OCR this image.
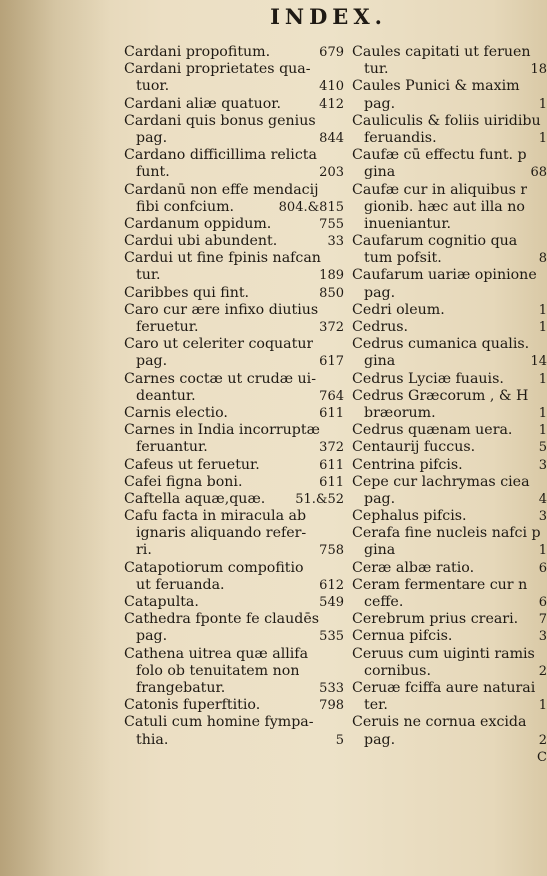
INDEX.
Cardani propofitum.	679
Cardani proprietates qua-
tuor.	410
Cardani aliæ quatuor.	412
Cardani quis bonus genius
pag.	844
Cardano difficillima relicta
funt.	203
Cardanū non effe mendacij
fibi confcium.	804.&815
Cardanum oppidum.	755
Cardui ubi abundent.	33
Cardui ut fine fpinis nafcan
tur.	189
Caribbes qui fint.	850
Caro cur ære infixo diutius
feruetur.	372
Caro ut celeriter coquatur
pag.	617
Carnes coctæ ut crudæ ui-
deantur.	764
Carnis electio.	611
Carnes in India incorruptæ
feruantur.	372
Cafeus ut feruetur.	611
Cafei figna boni.	611
Caftella aquæ,quæ.	51.&52
Cafu facta in miracula ab
ignaris aliquando refer-
ri.	758
Catapotiorum compofitio
ut feruanda.	612
Catapulta.	549
Cathedra fponte fe claudēs
pag.	535
Cathena uitrea quæ allifa
folo ob tenuitatem non
frangebatur.	533
Catonis fuperftitio.	798
Catuli cum homine fympa-
thia.	5
Caules capitati ut feruen
tur.	18
Caules Punici & maxim
pag.	1
Cauliculis & foliis uiridibu
feruandis.	1
Caufæ cū effectu funt. p
gina	68
Caufæ cur in aliquibus r
gionib. hæc aut illa no
inueniantur.
Caufarum cognitio qua
tum pofsit.	8
Caufarum uariæ opinione
pag.
Cedri oleum.	1
Cedrus.	1
Cedrus cumanica qualis.
gina	14
Cedrus Lyciæ fuauis.	1
Cedrus Græcorum , & H
bræorum.	1
Cedrus quænam uera.	1
Centaurij fuccus.	5
Centrina pifcis.	3
Cepe cur lachrymas ciea
pag.	4
Cephalus pifcis.	3
Cerafa fine nucleis nafci p
gina	1
Ceræ albæ ratio.	6
Ceram fermentare cur n
ceffe.	6
Cerebrum prius creari.	7
Cernua pifcis.	3
Ceruus cum uiginti ramis
cornibus.	2
Ceruæ fciffa aure naturai
ter.	1
Ceruis ne cornua excida
pag.	2
C
